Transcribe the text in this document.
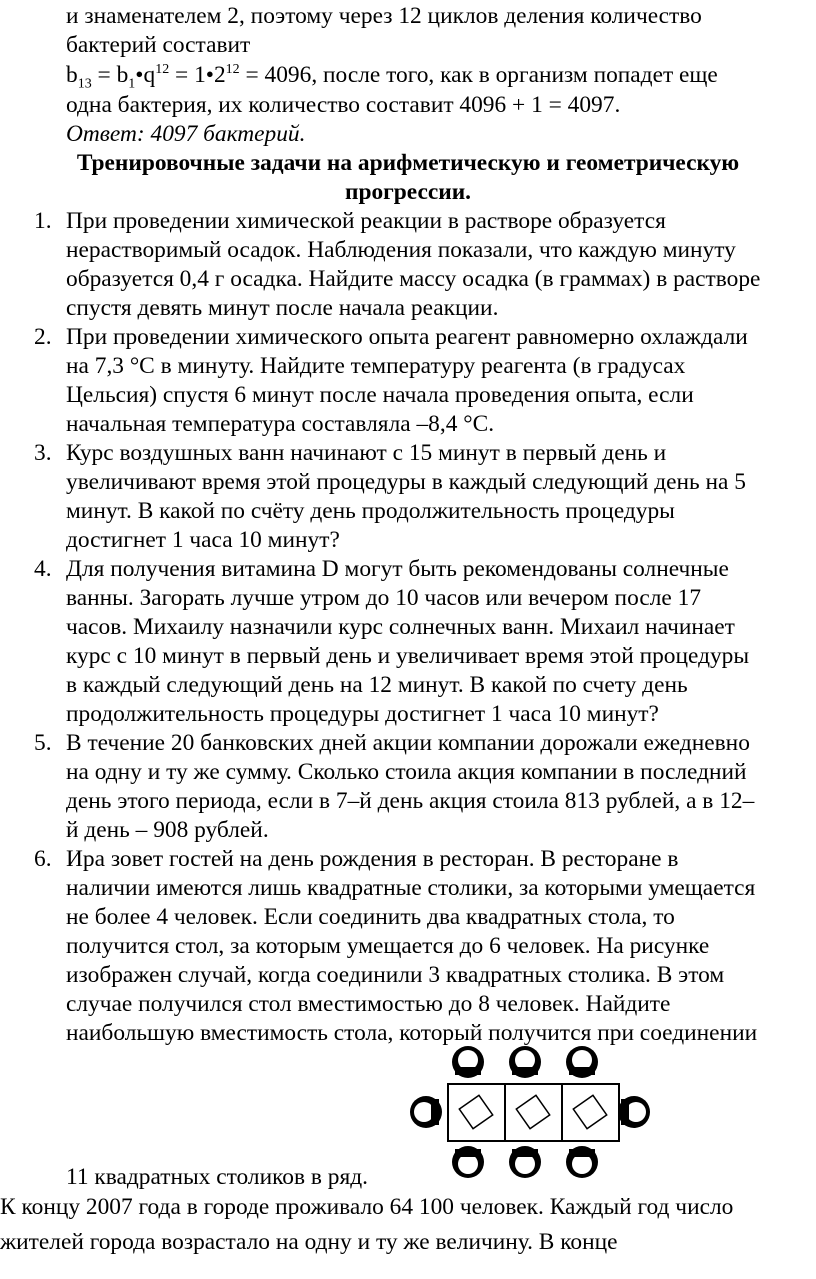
и знаменателем 2, поэтому через 12 циклов деления количество
бактерий составит
$b_{13}$ = $b_1•q^{12}$ = $1•2^{12} = 4096$, после того, как в организм попадет еще
одна бактерия, их количество составит 4096 + 1 = 4097.
Ответ: 4097 бактерий.
Тренировочные задачи на арифметическую и геометрическую
прогрессии.
1. При проведении химической реакции в растворе образуется
нерастворимый осадок. Наблюдения показали, что каждую минуту
образуется 0,4 г осадка. Найдите массу осадка (в граммах) в растворе
спустя девять минут после начала реакции.
2. При проведении химического опыта реагент равномерно охлаждали
на 7,3 °C в минуту. Найдите температуру реагента (в градусах
Цельсия) спустя 6 минут после начала проведения опыта, если
начальная температура составляла –8,4 °C.
3. Курс воздушных ванн начинают с 15 минут в первый день и
увеличивают время этой процедуры в каждый следующий день на 5
минут. В какой по счёту день продолжительность процедуры
достигнет 1 часа 10 минут?
4. Для получения витамина D могут быть рекомендованы солнечные
ванны. Загорать лучше утром до 10 часов или вечером после 17
часов. Михаилу назначили курс солнечных ванн. Михаил начинает
курс с 10 минут в первый день и увеличивает время этой процедуры
в каждый следующий день на 12 минут. В какой по счету день
продолжительность процедуры достигнет 1 часа 10 минут?
5. В течение 20 банковских дней акции компании дорожали ежедневно
на одну и ту же сумму. Сколько стоила акция компании в последний
день этого периода, если в 7–й день акция стоила 813 рублей, а в 12–
й день – 908 рублей.
6. Ира зовет гостей на день рождения в ресторан. В ресторане в
наличии имеются лишь квадратные столики, за которыми умещается
не более 4 человек. Если соединить два квадратных стола, то
получится стол, за которым умещается до 6 человек. На рисунке
изображен случай, когда соединили 3 квадратных столика. В этом
случае получился стол вместимостью до 8 человек. Найдите
наибольшую вместимость стола, который получится при соединении
11 квадратных столиков в ряд.
К концу 2007 года в городе проживало 64 100 человек. Каждый год число
жителей города возрастало на одну и ту же величину. В конце
